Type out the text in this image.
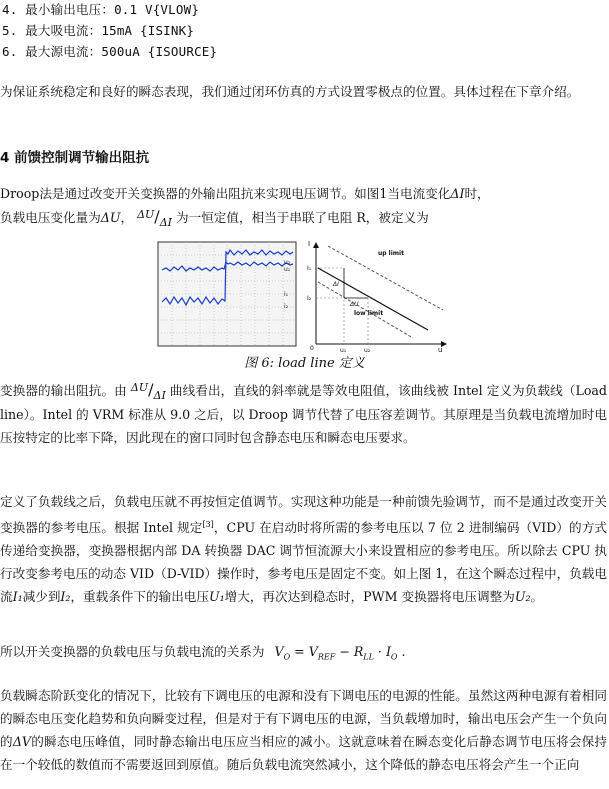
4. 最小输出电压：0.1 V{VLOW}
5. 最大吸电流：15mA {ISINK}
6. 最大源电流：500uA {ISOURCE}
为保证系统稳定和良好的瞬态表现，我们通过闭环仿真的方式设置零极点的位置。具体过程在下章介绍。
4 前馈控制调节输出阻抗
Droop法是通过改变开关变换器的外输出阻抗来实现电压调节。如图1当电流变化ΔI时，
负载电压变化量为ΔU， ΔU/ΔI 为一恒定值，相当于串联了电阻 R，被定义为
u₂
u₁
i₁
i₂
I
u
I₁
I₂
u₁	u₂
0
up limit
low limit
ΔI
ΔU
图 6: load line 定义
变换器的输出阻抗。由 ΔU/ΔI 曲线看出，直线的斜率就是等效电阻值，该曲线被 Intel 定义为负载线（Load line）。Intel 的 VRM 标准从 9.0 之后，以 Droop 调节代替了电压容差调节。其原理是当负载电流增加时电压按特定的比率下降，因此现在的窗口同时包含静态电压和瞬态电压要求。
定义了负载线之后，负载电压就不再按恒定值调节。实现这种功能是一种前馈先验调节，而不是通过改变开关变换器的参考电压。根据 Intel 规定[3]，CPU 在启动时将所需的参考电压以 7 位 2 进制编码（VID）的方式传递给变换器，变换器根据内部 DA 转换器 DAC 调节恒流源大小来设置相应的参考电压。所以除去 CPU 执行改变参考电压的动态 VID（D-VID）操作时，参考电压是固定不变。如上图 1，在这个瞬态过程中，负载电流I₁减少到I₂，重载条件下的输出电压U₁增大，再次达到稳态时，PWM 变换器将电压调整为U₂。
所以开关变换器的负载电压与负载电流的关系为 $V_O = V_{REF} - R_{LL} \cdot I_O$ .
负载瞬态阶跃变化的情况下，比较有下调电压的电源和没有下调电压的电源的性能。虽然这两种电源有着相同的瞬态电压变化趋势和负向瞬变过程，但是对于有下调电压的电源，当负载增加时，输出电压会产生一个负向的ΔV的瞬态电压峰值，同时静态输出电压应当相应的减小。这就意味着在瞬态变化后静态调节电压将会保持在一个较低的数值而不需要返回到原值。随后负载电流突然减小，这个降低的静态电压将会产生一个正向
